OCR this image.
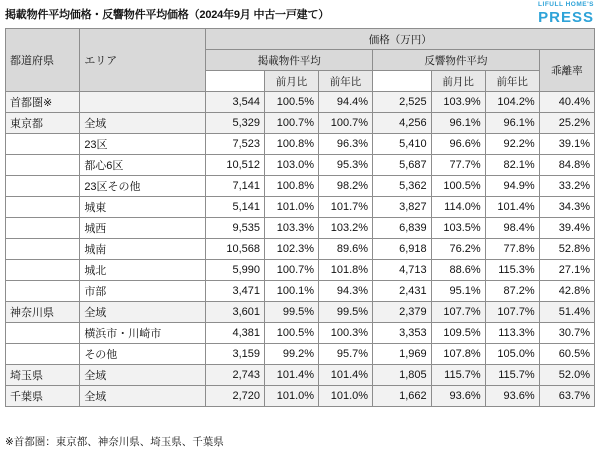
掲載物件平均価格・反響物件平均価格（2024年9月 中古一戸建て）
LIFULL HOME'S
PRESS
都道府県	エリア	価格（万円）						
		掲載物件平均			反響物件平均			乖離率
			前月比	前年比		前月比	前年比	
首都圏※		3,544	100.5%	94.4%	2,525	103.9%	104.2%	40.4%
東京都	全域	5,329	100.7%	100.7%	4,256	96.1%	96.1%	25.2%
	23区	7,523	100.8%	96.3%	5,410	96.6%	92.2%	39.1%
	都心6区	10,512	103.0%	95.3%	5,687	77.7%	82.1%	84.8%
	23区その他	7,141	100.8%	98.2%	5,362	100.5%	94.9%	33.2%
	城東	5,141	101.0%	101.7%	3,827	114.0%	101.4%	34.3%
	城西	9,535	103.3%	103.2%	6,839	103.5%	98.4%	39.4%
	城南	10,568	102.3%	89.6%	6,918	76.2%	77.8%	52.8%
	城北	5,990	100.7%	101.8%	4,713	88.6%	115.3%	27.1%
	市部	3,471	100.1%	94.3%	2,431	95.1%	87.2%	42.8%
神奈川県	全域	3,601	99.5%	99.5%	2,379	107.7%	107.7%	51.4%
	横浜市・川崎市	4,381	100.5%	100.3%	3,353	109.5%	113.3%	30.7%
	その他	3,159	99.2%	95.7%	1,969	107.8%	105.0%	60.5%
埼玉県	全域	2,743	101.4%	101.4%	1,805	115.7%	115.7%	52.0%
千葉県	全域	2,720	101.0%	101.0%	1,662	93.6%	93.6%	63.7%
※首都圏：東京都、神奈川県、埼玉県、千葉県
